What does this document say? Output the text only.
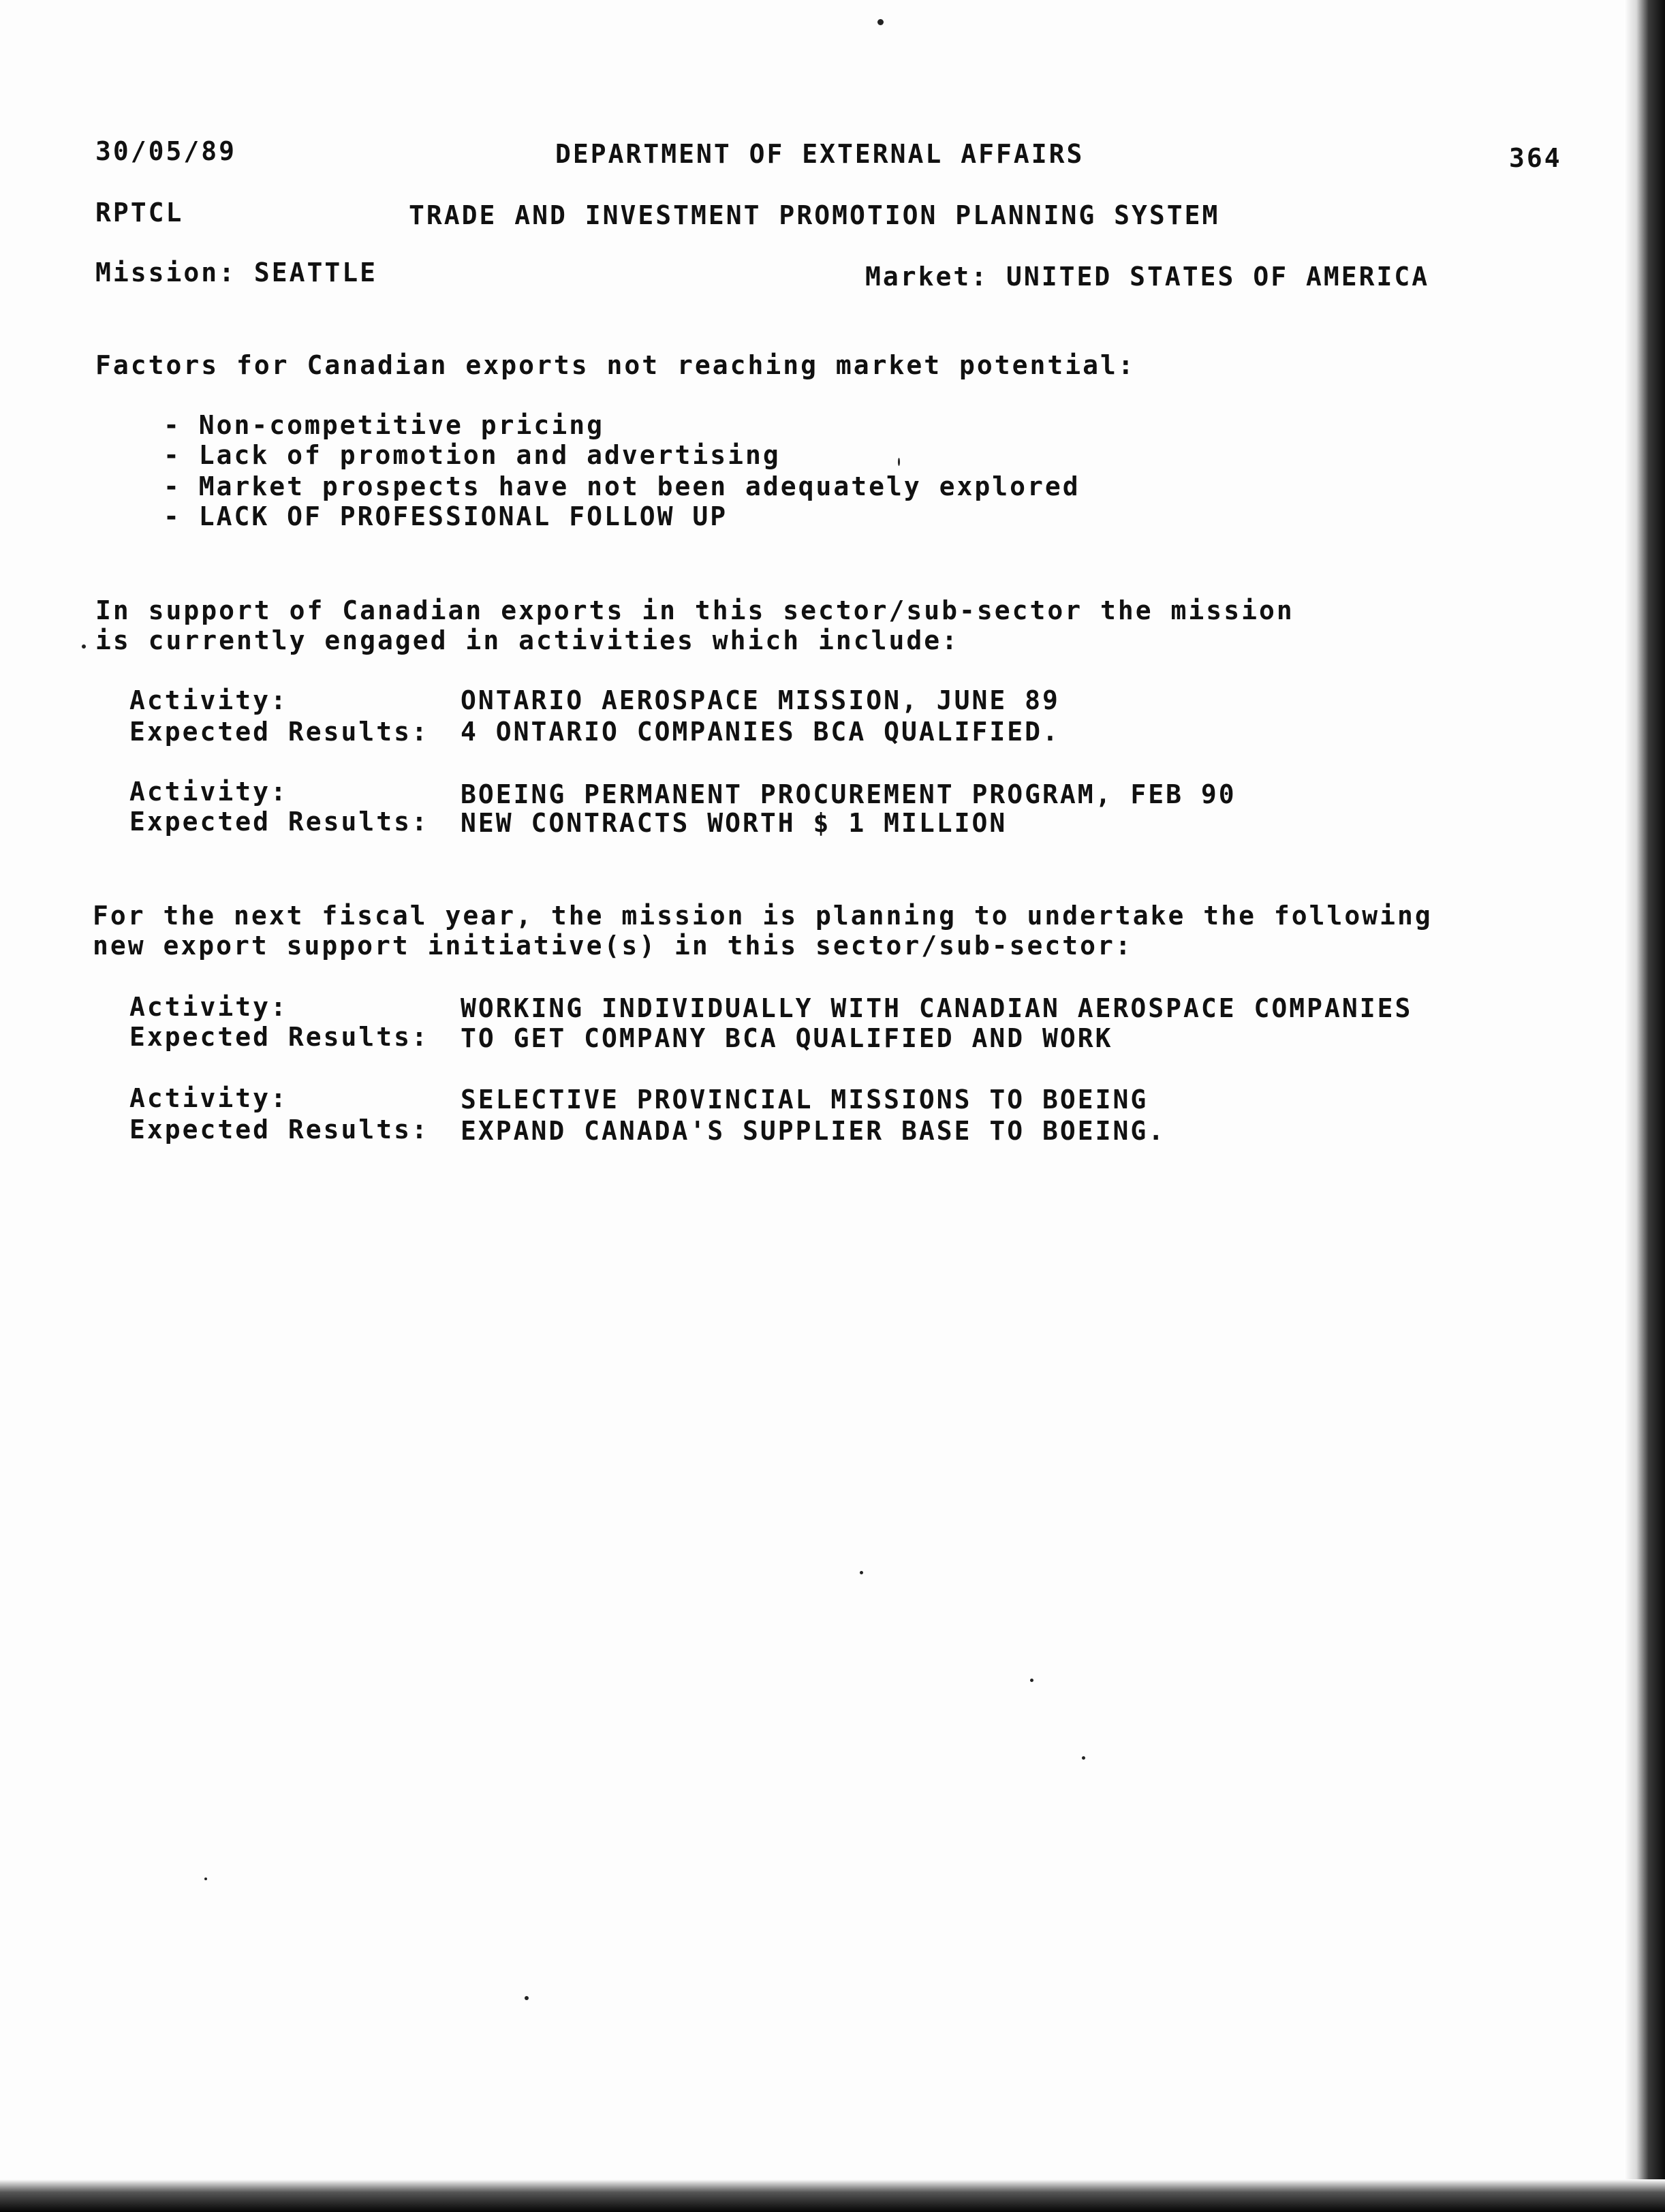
30/05/89	DEPARTMENT OF EXTERNAL AFFAIRS	364
RPTCL	TRADE AND INVESTMENT PROMOTION PLANNING SYSTEM
Mission: SEATTLE	Market: UNITED STATES OF AMERICA
Factors for Canadian exports not reaching market potential:
- Non-competitive pricing
- Lack of promotion and advertising
- Market prospects have not been adequately explored
- LACK OF PROFESSIONAL FOLLOW UP
In support of Canadian exports in this sector/sub-sector the mission
is currently engaged in activities which include:
Activity:	ONTARIO AEROSPACE MISSION, JUNE 89
Expected Results: 4 ONTARIO COMPANIES BCA QUALIFIED.
Activity:	BOEING PERMANENT PROCUREMENT PROGRAM, FEB 90
Expected Results: NEW CONTRACTS WORTH $ 1 MILLION
For the next fiscal year, the mission is planning to undertake the following
new export support initiative(s) in this sector/sub-sector:
Activity:	WORKING INDIVIDUALLY WITH CANADIAN AEROSPACE COMPANIES
Expected Results: TO GET COMPANY BCA QUALIFIED AND WORK
Activity:	SELECTIVE PROVINCIAL MISSIONS TO BOEING
Expected Results: EXPAND CANADA'S SUPPLIER BASE TO BOEING.
